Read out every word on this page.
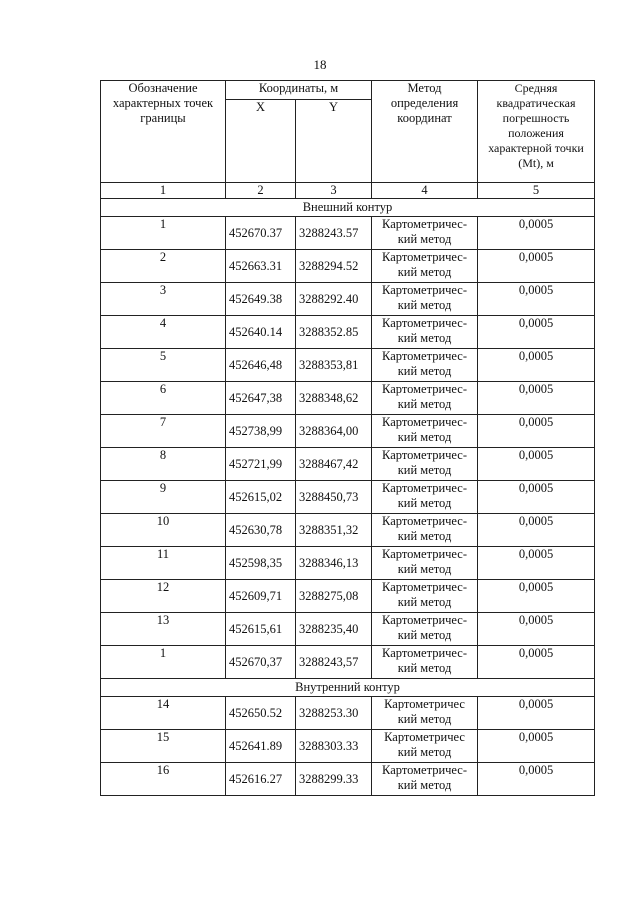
18
Обозначение характерных точек границы	Координаты, м		Метод определения координат	Средняя квадратическая погрешность положения характерной точки (Mt), м
	X	Y		
1	2	3	4	5
Внешний контур				
1	452670.37	3288243.57	Картометричес-кий метод	0,0005
2	452663.31	3288294.52	Картометричес-кий метод	0,0005
3	452649.38	3288292.40	Картометричес-кий метод	0,0005
4	452640.14	3288352.85	Картометричес-кий метод	0,0005
5	452646,48	3288353,81	Картометричес-кий метод	0,0005
6	452647,38	3288348,62	Картометричес-кий метод	0,0005
7	452738,99	3288364,00	Картометричес-кий метод	0,0005
8	452721,99	3288467,42	Картометричес-кий метод	0,0005
9	452615,02	3288450,73	Картометричес-кий метод	0,0005
10	452630,78	3288351,32	Картометричес-кий метод	0,0005
11	452598,35	3288346,13	Картометричес-кий метод	0,0005
12	452609,71	3288275,08	Картометричес-кий метод	0,0005
13	452615,61	3288235,40	Картометричес-кий метод	0,0005
1	452670,37	3288243,57	Картометричес-кий метод	0,0005
Внутренний контур				
14	452650.52	3288253.30	Картометричес кий метод	0,0005
15	452641.89	3288303.33	Картометричес кий метод	0,0005
16	452616.27	3288299.33	Картометричес-кий метод	0,0005
